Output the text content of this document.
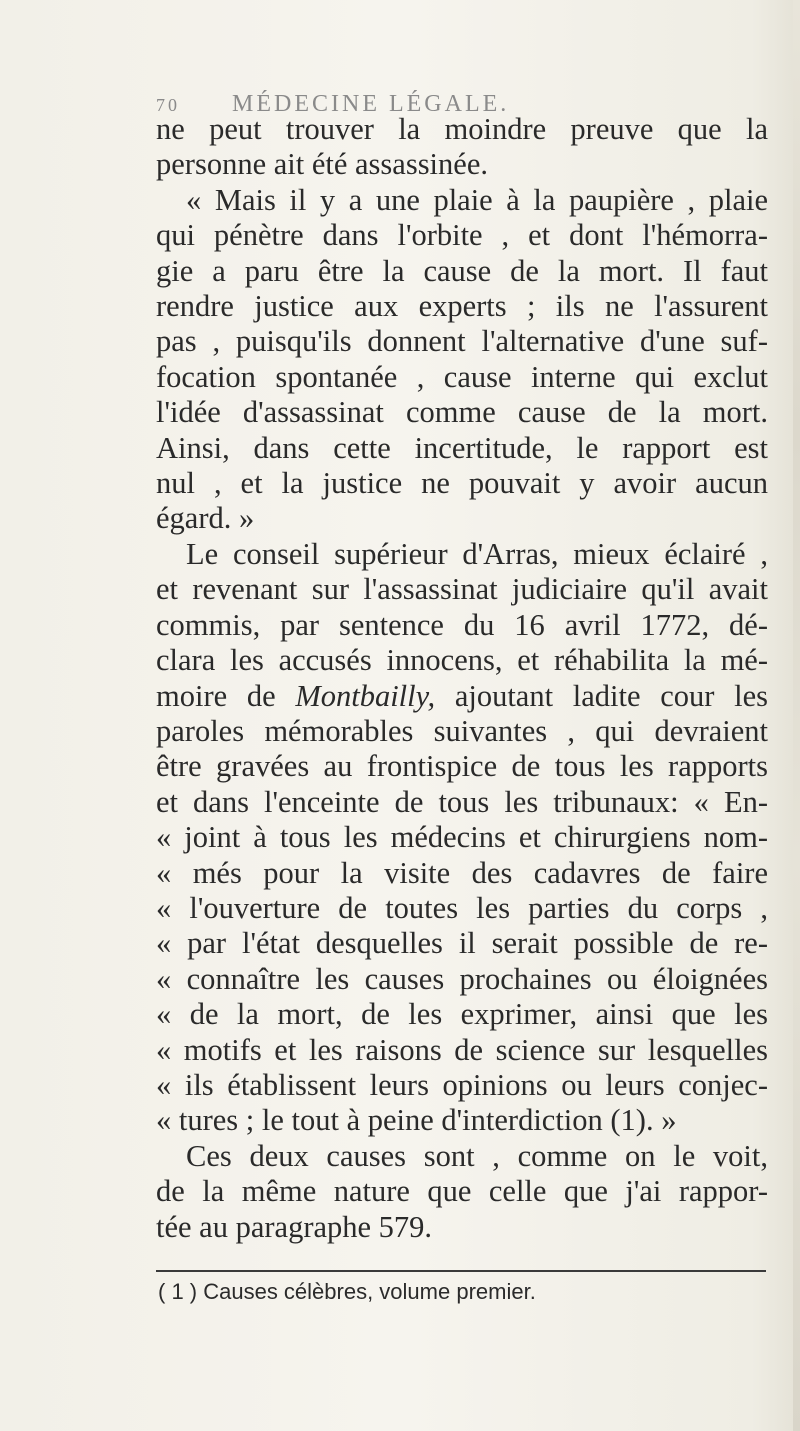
70 MÉDECINE LÉGALE.
ne peut trouver la moindre preuve que la
personne ait été assassinée.
« Mais il y a une plaie à la paupière , plaie
qui pénètre dans l'orbite , et dont l'hémorra-
gie a paru être la cause de la mort. Il faut
rendre justice aux experts ; ils ne l'assurent
pas , puisqu'ils donnent l'alternative d'une suf-
focation spontanée , cause interne qui exclut
l'idée d'assassinat comme cause de la mort.
Ainsi, dans cette incertitude, le rapport est
nul , et la justice ne pouvait y avoir aucun
égard. »
Le conseil supérieur d'Arras, mieux éclairé ,
et revenant sur l'assassinat judiciaire qu'il avait
commis, par sentence du 16 avril 1772, dé-
clara les accusés innocens, et réhabilita la mé-
moire de Montbailly, ajoutant ladite cour les
paroles mémorables suivantes , qui devraient
être gravées au frontispice de tous les rapports
et dans l'enceinte de tous les tribunaux: « En-
« joint à tous les médecins et chirurgiens nom-
« més pour la visite des cadavres de faire
« l'ouverture de toutes les parties du corps ,
« par l'état desquelles il serait possible de re-
« connaître les causes prochaines ou éloignées
« de la mort, de les exprimer, ainsi que les
« motifs et les raisons de science sur lesquelles
« ils établissent leurs opinions ou leurs conjec-
« tures ; le tout à peine d'interdiction (1). »
Ces deux causes sont , comme on le voit,
de la même nature que celle que j'ai rappor-
tée au paragraphe 579.
( 1 ) Causes célèbres, volume premier.
